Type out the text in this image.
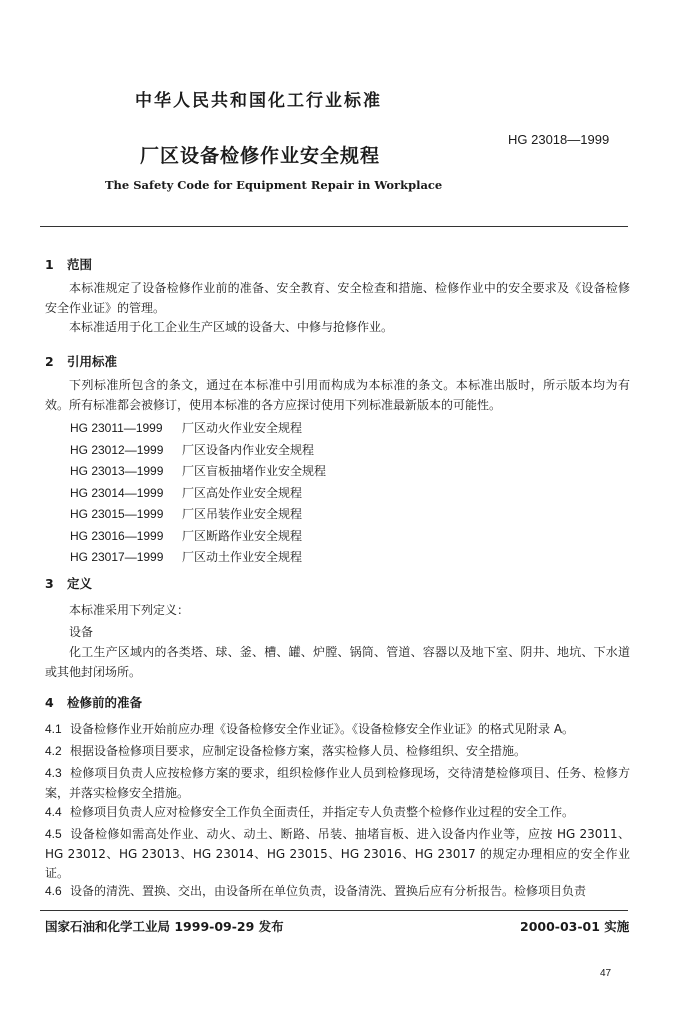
中华人民共和国化工行业标准
HG 23018—1999
厂区设备检修作业安全规程
The Safety Code for Equipment Repair in Workplace
1 范围
本标准规定了设备检修作业前的准备、安全教育、安全检查和措施、检修作业中的安全要求及《设备检修安全作业证》的管理。
本标准适用于化工企业生产区域的设备大、中修与抢修作业。
2 引用标准
下列标准所包含的条文，通过在本标准中引用而构成为本标准的条文。本标准出版时，所示版本均为有效。所有标准都会被修订，使用本标准的各方应探讨使用下列标准最新版本的可能性。
HG 23011—1999 厂区动火作业安全规程
HG 23012—1999 厂区设备内作业安全规程
HG 23013—1999 厂区盲板抽堵作业安全规程
HG 23014—1999 厂区高处作业安全规程
HG 23015—1999 厂区吊装作业安全规程
HG 23016—1999 厂区断路作业安全规程
HG 23017—1999 厂区动土作业安全规程
3 定义
本标准采用下列定义：
设备
化工生产区域内的各类塔、球、釜、槽、罐、炉膛、锅筒、管道、容器以及地下室、阴井、地坑、下水道或其他封闭场所。
4 检修前的准备
4.1 设备检修作业开始前应办理《设备检修安全作业证》。《设备检修安全作业证》的格式见附录 A。
4.2 根据设备检修项目要求，应制定设备检修方案，落实检修人员、检修组织、安全措施。
4.3 检修项目负责人应按检修方案的要求，组织检修作业人员到检修现场，交待清楚检修项目、任务、检修方案，并落实检修安全措施。
4.4 检修项目负责人应对检修安全工作负全面责任，并指定专人负责整个检修作业过程的安全工作。
4.5 设备检修如需高处作业、动火、动土、断路、吊装、抽堵盲板、进入设备内作业等，应按 HG 23011、HG 23012、HG 23013、HG 23014、HG 23015、HG 23016、HG 23017 的规定办理相应的安全作业证。
4.6 设备的清洗、置换、交出，由设备所在单位负责，设备清洗、置换后应有分析报告。检修项目负责
国家石油和化学工业局 1999-09-29 发布	2000-03-01 实施
47
